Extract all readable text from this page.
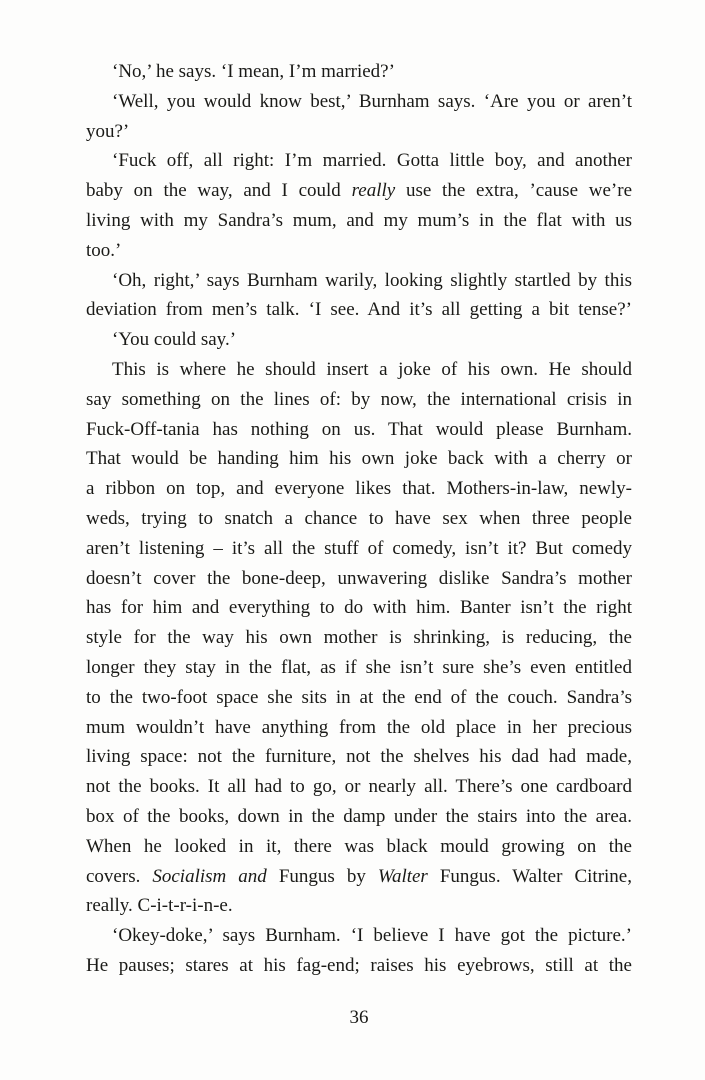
‘No,’ he says. ‘I mean, I’m married?’
‘Well, you would know best,’ Burnham says. ‘Are you or aren’t
you?’
‘Fuck off, all right: I’m married. Gotta little boy, and another
baby on the way, and I could really use the extra, ’cause we’re
living with my Sandra’s mum, and my mum’s in the flat with us
too.’
‘Oh, right,’ says Burnham warily, looking slightly startled by this
deviation from men’s talk. ‘I see. And it’s all getting a bit tense?’
‘You could say.’
This is where he should insert a joke of his own. He should
say something on the lines of: by now, the international crisis in
Fuck-Off-tania has nothing on us. That would please Burnham.
That would be handing him his own joke back with a cherry or
a ribbon on top, and everyone likes that. Mothers-in-law, newly-
weds, trying to snatch a chance to have sex when three people
aren’t listening – it’s all the stuff of comedy, isn’t it? But comedy
doesn’t cover the bone-deep, unwavering dislike Sandra’s mother
has for him and everything to do with him. Banter isn’t the right
style for the way his own mother is shrinking, is reducing, the
longer they stay in the flat, as if she isn’t sure she’s even entitled
to the two-foot space she sits in at the end of the couch. Sandra’s
mum wouldn’t have anything from the old place in her precious
living space: not the furniture, not the shelves his dad had made,
not the books. It all had to go, or nearly all. There’s one cardboard
box of the books, down in the damp under the stairs into the area.
When he looked in it, there was black mould growing on the
covers. Socialism and Fungus by Walter Fungus. Walter Citrine,
really. C-i-t-r-i-n-e.
‘Okey-doke,’ says Burnham. ‘I believe I have got the picture.’
He pauses; stares at his fag-end; raises his eyebrows, still at the
36
